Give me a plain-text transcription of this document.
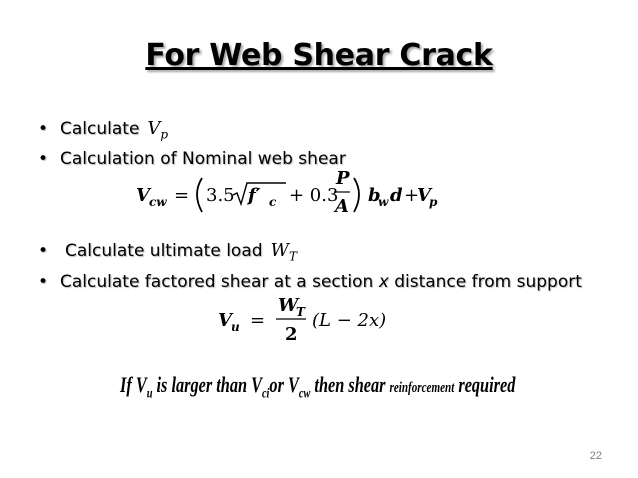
For Web Shear Crack
• Calculate $V_p$
• Calculation of Nominal web shear
V cw = 3.5 f′ c + 0.3
P
A
b
w d +
V
p
• Calculate ultimate load $W_T$
• Calculate factored shear at a section x distance from support
V u =
W
T
2
(L − 2x)
If $V_u$ is larger than $V_{ci}or$ $V_{cw}$ then shear reinforcement required
22
